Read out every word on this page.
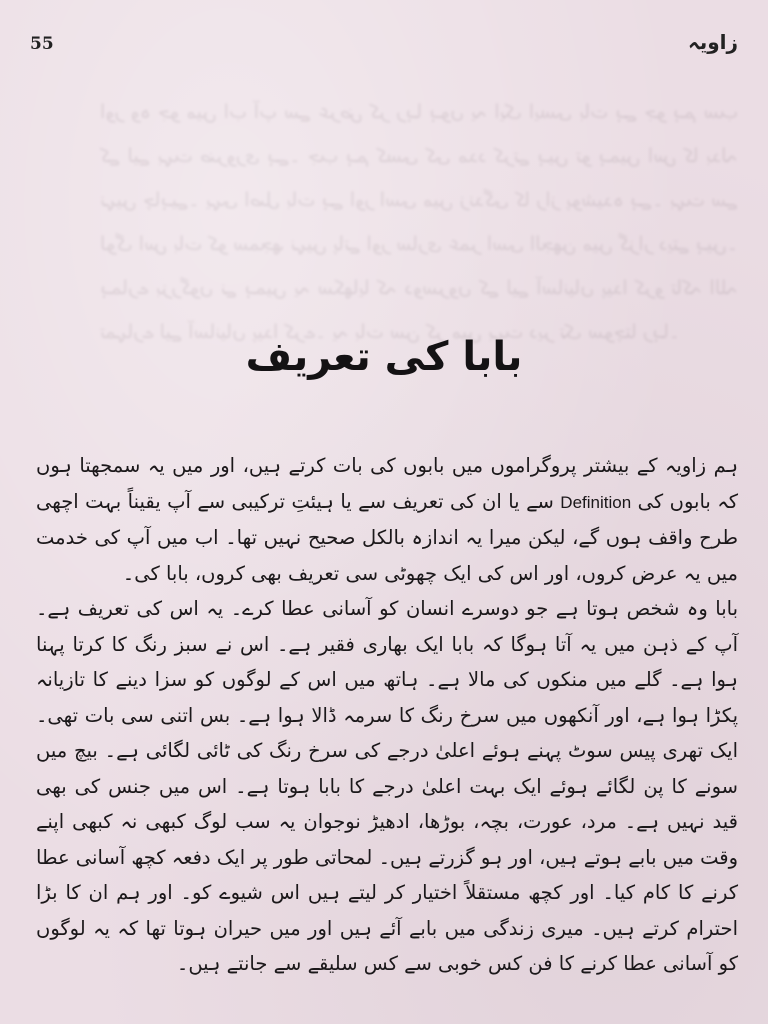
اور وہ جو میں اب آپ سے عرض کر رہا ہوں یہ ایک ایسی بات ہے جو ہم سب کے لیے بہت ضروری ہے۔ جب ہم کسی کی مدد کرتے ہیں تو ہمیں اس کا بدلہ نہیں چاہیے۔ یہی اصل بات ہے اور اسی میں زندگی کا راز پوشیدہ ہے۔ بہت سے لوگ اس بات کو سمجھ نہیں پاتے اور ساری عمر اسی الجھن میں گزار دیتے ہیں۔ ہمارے بزرگوں نے ہمیں یہ سکھایا کہ دوسروں کے لیے آسانیاں پیدا کرو تاکہ اللہ تمہارے لیے آسانیاں پیدا کرے۔ یہ بات سن کر میں بہت دیر تک سوچتا رہا۔
55	زاویہ
بابا کی تعریف

ہم زاویہ کے بیشتر پروگراموں میں بابوں کی بات کرتے ہیں، اور میں یہ سمجھتا ہوں کہ بابوں کی Definition سے یا ان کی تعریف سے یا ہیئتِ ترکیبی سے آپ یقیناً بہت اچھی طرح واقف ہوں گے، لیکن میرا یہ اندازہ بالکل صحیح نہیں تھا۔ اب میں آپ کی خدمت میں یہ عرض کروں، اور اس کی ایک چھوٹی سی تعریف بھی کروں، بابا کی۔

بابا وہ شخص ہوتا ہے جو دوسرے انسان کو آسانی عطا کرے۔ یہ اس کی تعریف ہے۔ آپ کے ذہن میں یہ آتا ہوگا کہ بابا ایک بھاری فقیر ہے۔ اس نے سبز رنگ کا کرتا پہنا ہوا ہے۔ گلے میں منکوں کی مالا ہے۔ ہاتھ میں اس کے لوگوں کو سزا دینے کا تازیانہ پکڑا ہوا ہے، اور آنکھوں میں سرخ رنگ کا سرمہ ڈالا ہوا ہے۔ بس اتنی سی بات تھی۔ ایک تھری پیس سوٹ پہنے ہوئے اعلیٰ درجے کی سرخ رنگ کی ٹائی لگائی ہے۔ بیچ میں سونے کا پن لگائے ہوئے ایک بہت اعلیٰ درجے کا بابا ہوتا ہے۔ اس میں جنس کی بھی قید نہیں ہے۔ مرد، عورت، بچہ، بوڑھا، ادھیڑ نوجوان یہ سب لوگ کبھی نہ کبھی اپنے وقت میں بابے ہوتے ہیں، اور ہو گزرتے ہیں۔ لمحاتی طور پر ایک دفعہ کچھ آسانی عطا کرنے کا کام کیا۔ اور کچھ مستقلاً اختیار کر لیتے ہیں اس شیوے کو۔ اور ہم ان کا بڑا احترام کرتے ہیں۔ میری زندگی میں بابے آئے ہیں اور میں حیران ہوتا تھا کہ یہ لوگوں کو آسانی عطا کرنے کا فن کس خوبی سے کس سلیقے سے جانتے ہیں۔
